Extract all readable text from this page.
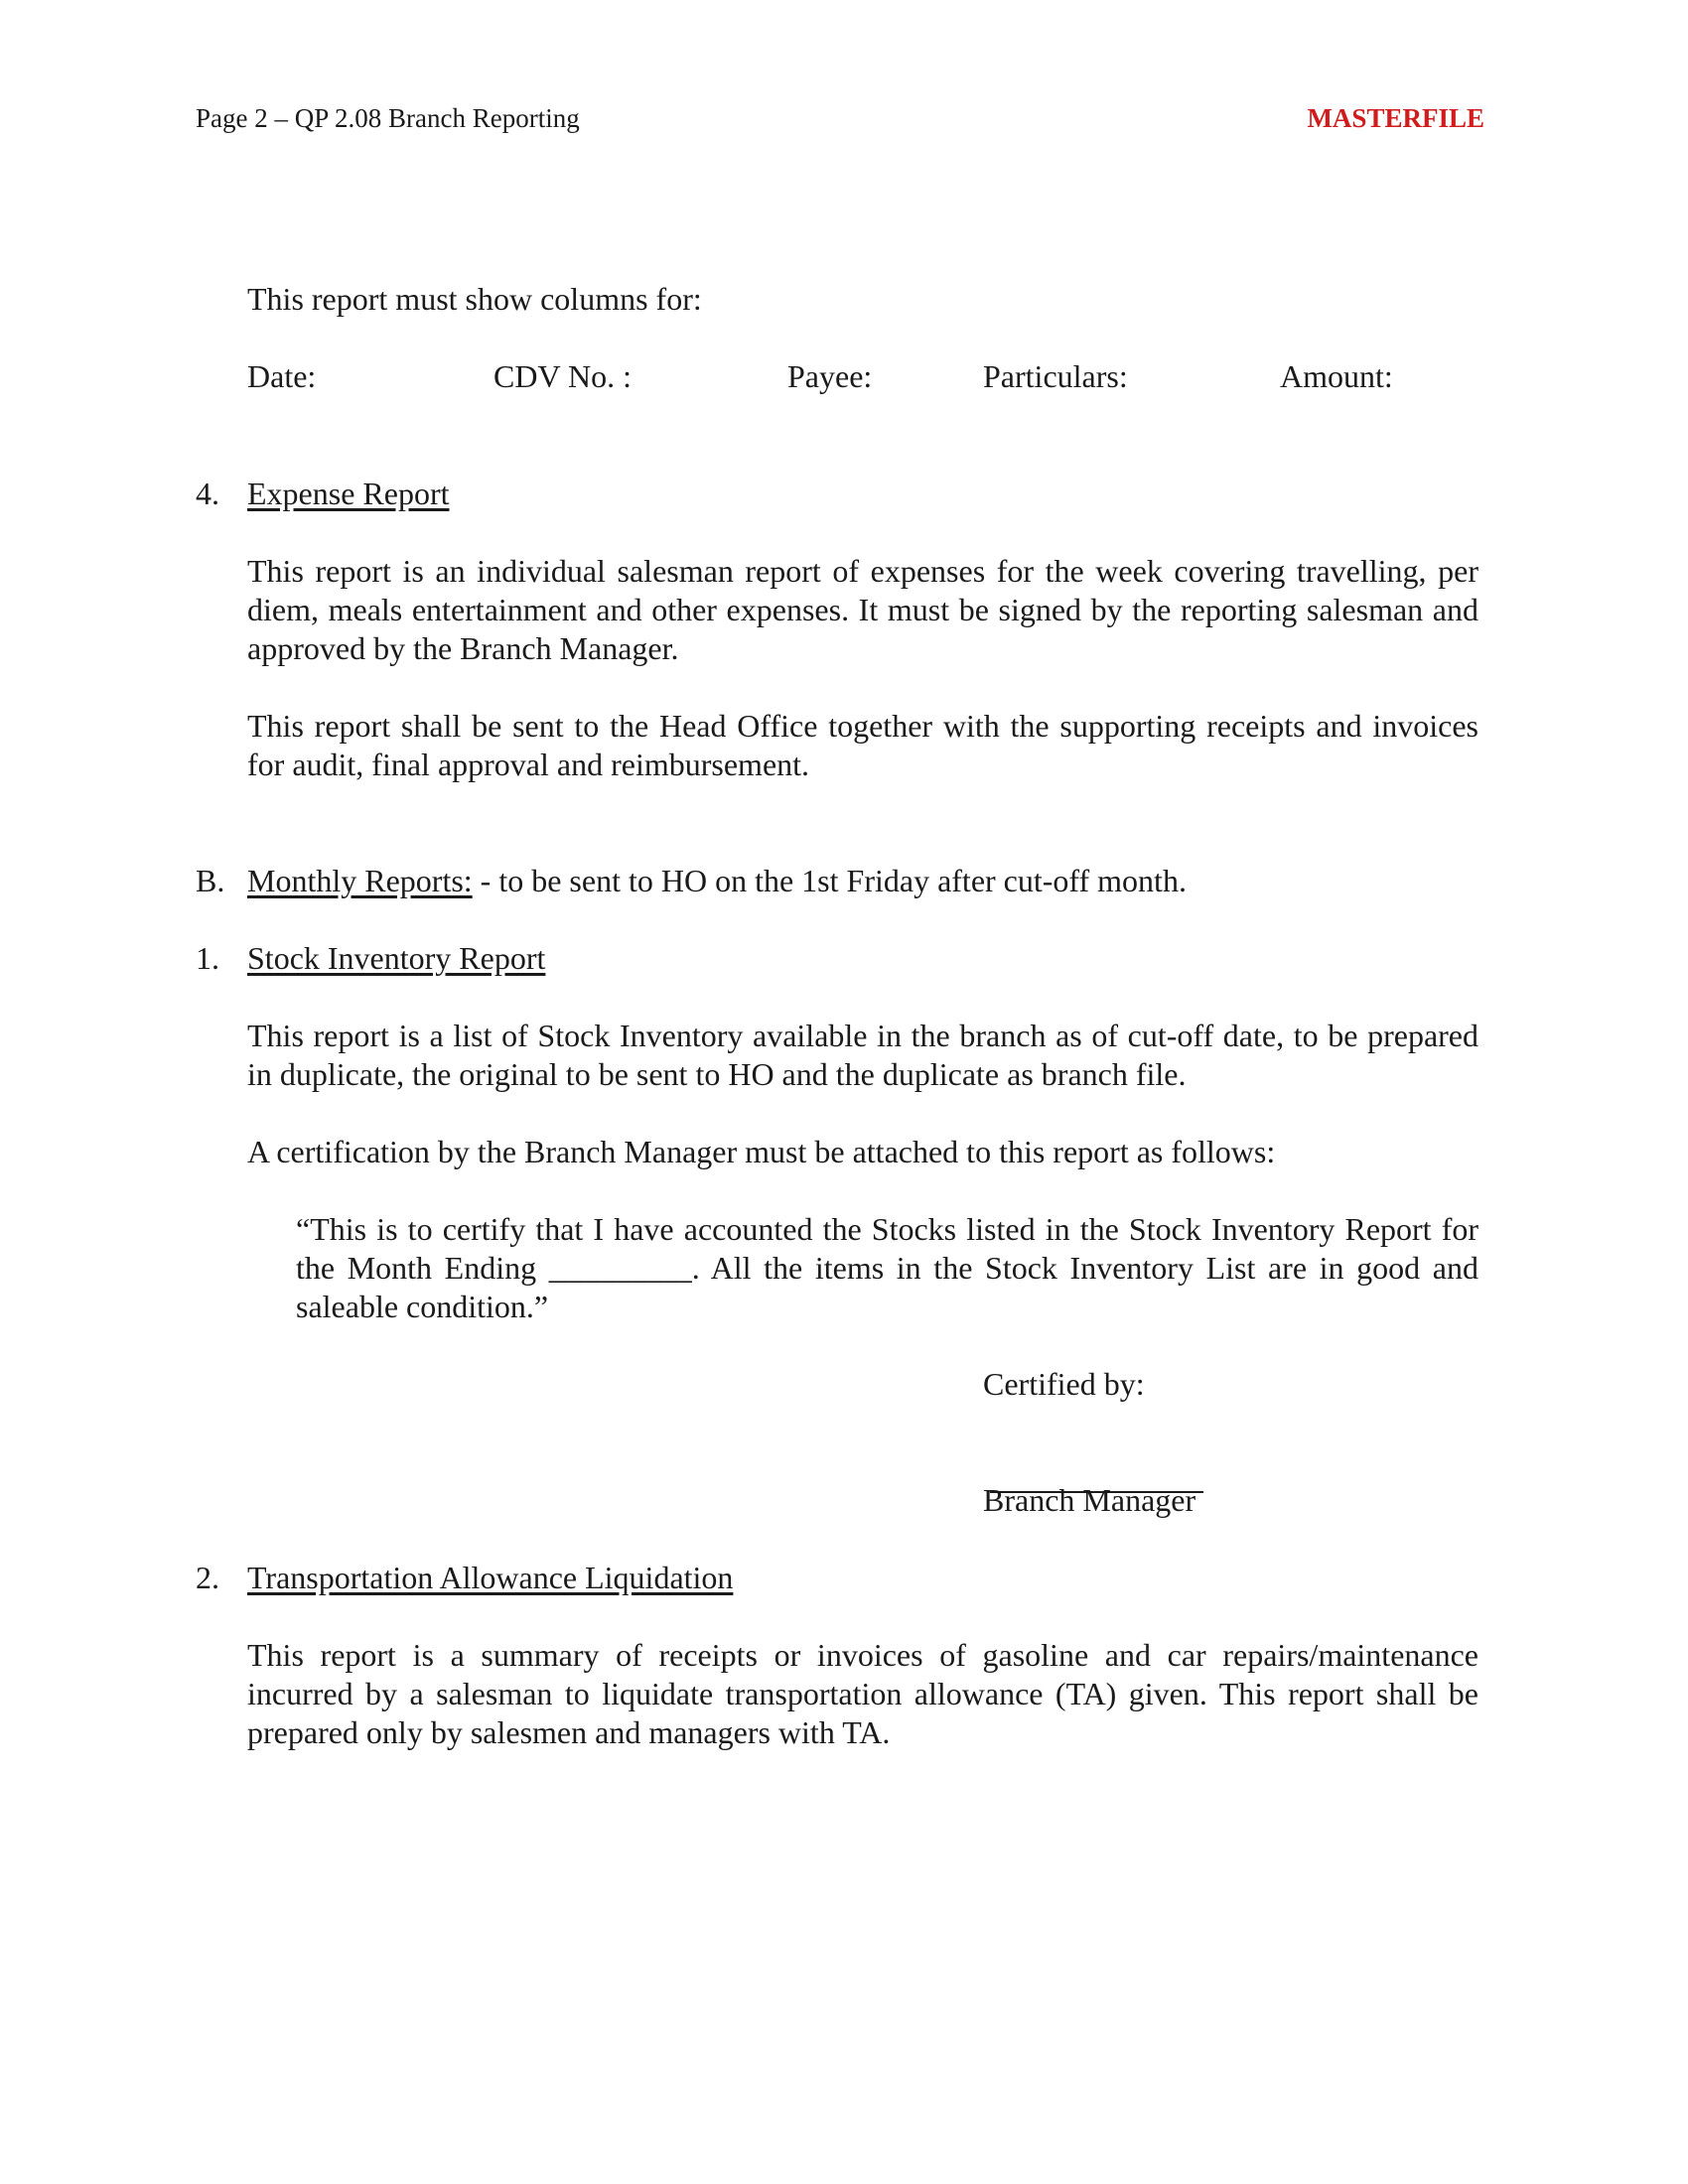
Page 2 – QP 2.08 Branch Reporting	MASTERFILE
This report must show columns for:
Date:	CDV No. :	Payee:	Particulars:	Amount:
4. Expense Report
This report is an individual salesman report of expenses for the week covering travelling, per diem, meals entertainment and other expenses. It must be signed by the reporting salesman and approved by the Branch Manager.
This report shall be sent to the Head Office together with the supporting receipts and invoices for audit, final approval and reimbursement.
B. Monthly Reports: - to be sent to HO on the 1st Friday after cut-off month.
1. Stock Inventory Report
This report is a list of Stock Inventory available in the branch as of cut-off date, to be prepared in duplicate, the original to be sent to HO and the duplicate as branch file.
A certification by the Branch Manager must be attached to this report as follows:
“This is to certify that I have accounted the Stocks listed in the Stock Inventory Report for the Month Ending _________. All the items in the Stock Inventory List are in good and saleable condition.”
Certified by:
Branch Manager
2. Transportation Allowance Liquidation
This report is a summary of receipts or invoices of gasoline and car repairs/maintenance incurred by a salesman to liquidate transportation allowance (TA) given. This report shall be prepared only by salesmen and managers with TA.
